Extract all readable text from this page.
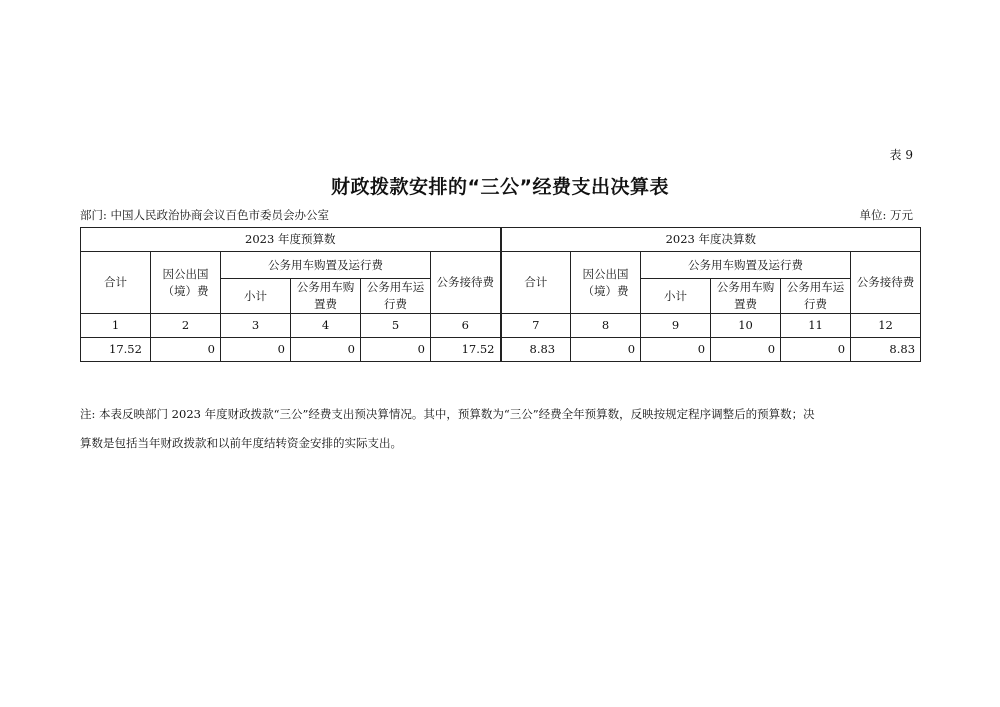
表 9
财政拨款安排的“三公”经费支出决算表
部门: 中国人民政治协商会议百色市委员会办公室	单位: 万元
2023 年度预算数						2023 年度决算数					
合计	因公出国（境）费	公务用车购置及运行费			公务接待费	合计	因公出国（境）费	公务用车购置及运行费			公务接待费
		小计	公务用车购置费	公务用车运行费				小计	公务用车购置费	公务用车运行费	
1	2	3	4	5	6	7	8	9	10	11	12
17.52	0	0	0	0	17.52	8.83	0	0	0	0	8.83
注: 本表反映部门 2023 年度财政拨款“三公”经费支出预决算情况。其中，预算数为“三公”经费全年预算数，反映按规定程序调整后的预算数；决
算数是包括当年财政拨款和以前年度结转资金安排的实际支出。
